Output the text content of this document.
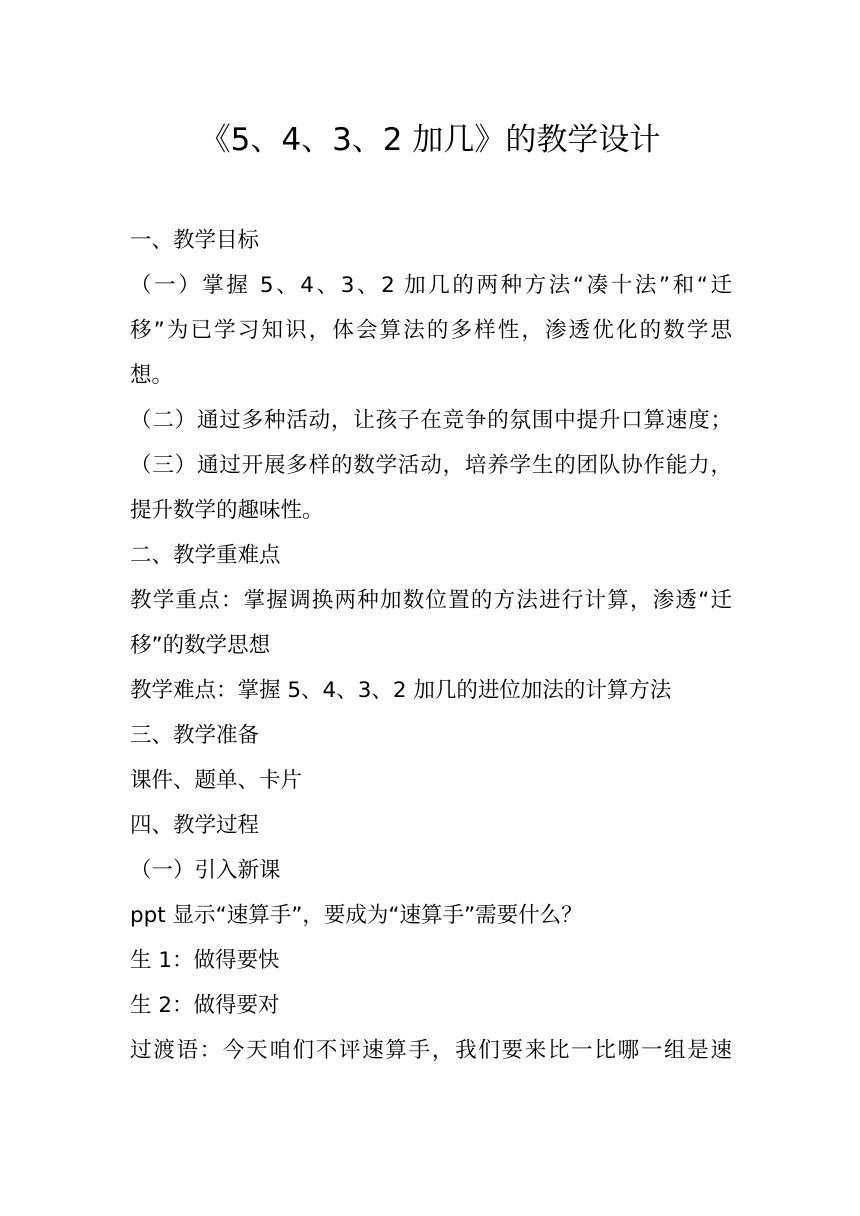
《5、4、3、2 加几》的教学设计
一、教学目标
（一）掌握 5、4、3、2 加几的两种方法“凑十法”和“迁
移”为已学习知识，体会算法的多样性，渗透优化的数学思
想。
（二）通过多种活动，让孩子在竞争的氛围中提升口算速度；
（三）通过开展多样的数学活动，培养学生的团队协作能力，
提升数学的趣味性。
二、教学重难点
教学重点：掌握调换两种加数位置的方法进行计算，渗透“迁
移”的数学思想
教学难点：掌握 5、4、3、2 加几的进位加法的计算方法
三、教学准备
课件、题单、卡片
四、教学过程
（一）引入新课
ppt 显示“速算手”，要成为“速算手”需要什么？
生 1：做得要快
生 2：做得要对
过渡语：今天咱们不评速算手，我们要来比一比哪一组是速
